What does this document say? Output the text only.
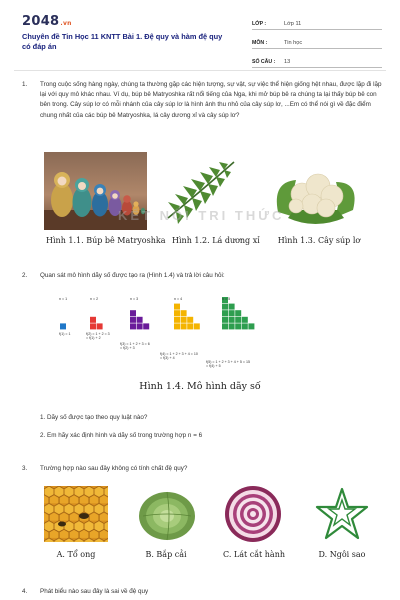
2048.vn
Chuyên đề Tin Học 11 KNTT Bài 1. Đệ quy và hàm đệ quy có đáp án
LỚP :	Lớp 11
MÔN :	Tin học
SỐ CÂU :	13
1.	Trong cuộc sống hàng ngày, chúng ta thường gặp các hiện tượng, sự vật, sự việc thể hiện giống hệt nhau, được lặp đi lặp lại với quy mô khác nhau. Ví dụ, búp bê Matryoshka rất nổi tiếng của Nga, khi mở búp bê ra chúng ta lại thấy búp bê con bên trong. Cây súp lơ có mỗi nhánh của cây súp lơ là hình ảnh thu nhỏ của cây súp lơ, ...Em có thể nói gì về đặc điểm chung nhất của các búp bê Matryoshka, lá cây dương xỉ và cây súp lơ?
KẾT NỐI TRI THỨC
Hình 1.1. Búp bê Matryoshka Hình 1.2. Lá dương xỉ Hình 1.3. Cây súp lơ
2.	Quan sát mô hình dãy số được tạo ra (Hình 1.4) và trả lời câu hỏi:
n = 1	n = 2	n = 3	n = 4	n = 5
f(1) = 1	f(2) = 1 + 2 = 3
= f(1) + 2
f(3) = 1 + 2 + 3 = 6
= f(2) + 3
f(4) = 1 + 2 + 3 + 4 = 10
= f(3) + 4
f(5) = 1 + 2 + 3 + 4 + 5 = 15
= f(4) + 5
Hình 1.4. Mô hình dãy số
1. Dãy số được tạo theo quy luật nào?
2. Em hãy xác định hình và dãy số trong trường hợp n = 6
3.	Trường hợp nào sau đây không có tính chất đệ quy?
A. Tổ ong	B. Bắp cải	C. Lát cắt hành	D. Ngôi sao
4.	Phát biểu nào sau đây là sai về đệ quy
